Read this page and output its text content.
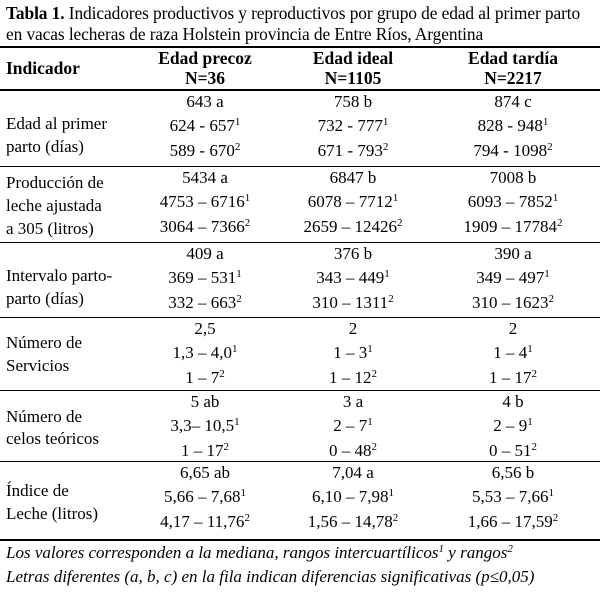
Tabla 1. Indicadores productivos y reproductivos por grupo de edad al primer parto en vacas lecheras de raza Holstein provincia de Entre Ríos, Argentina
Indicador	Edad precoz
N=36
Edad ideal
N=1105
Edad tardía
N=2217
Edad al primer
parto (días)
643 a
$624 - 657^1$
$589 - 670^2$
758 b
$732 - 777^1$
$671 - 793^2$
874 c
$828 - 948^1$
794 - 1098$^2$
Producción de
leche ajustada
a 305 (litros)
5434 a
4753 – 6716$^1$
3064 – 7366$^2$
6847 b
6078 – 7712$^1$
2659 – 12426$^2$
7008 b
6093 – 7852$^1$
1909 – 17784$^2$
Intervalo parto-
parto (días)
409 a
$369 - 531^1$
$332 - 663^2$
376 b
$343 - 449^1$
310 – 1311$^2$
390 a
$349 - 497^1$
310 – 1623$^2$
Número de
Servicios
2,5
$1,3 - 4,0^1$
$1 - 7^2$
2
$1 - 3^1$
$1 - 12^2$
2
$1 - 4^1$
$1 - 17^2$
Número de
celos teóricos
5 ab
3,3– 10,5$^1$
$1 - 17^2$
3 a
$2 - 7^1$
$0 - 48^2$
4 b
$2 - 9^1$
$0 - 51^2$
Índice de
Leche (litros)
6,65 ab
5,66 – 7,68$^1$
4,17 – 11,76$^2$
7,04 a
6,10 – 7,98$^1$
1,56 – 14,78$^2$
6,56 b
5,53 – 7,66$^1$
1,66 – 17,59$^2$
Los valores corresponden a la mediana, rangos intercuartílicos$^1$ y rangos$^2$
Letras diferentes (a, b, c) en la fila indican diferencias significativas (p≤0,05)
